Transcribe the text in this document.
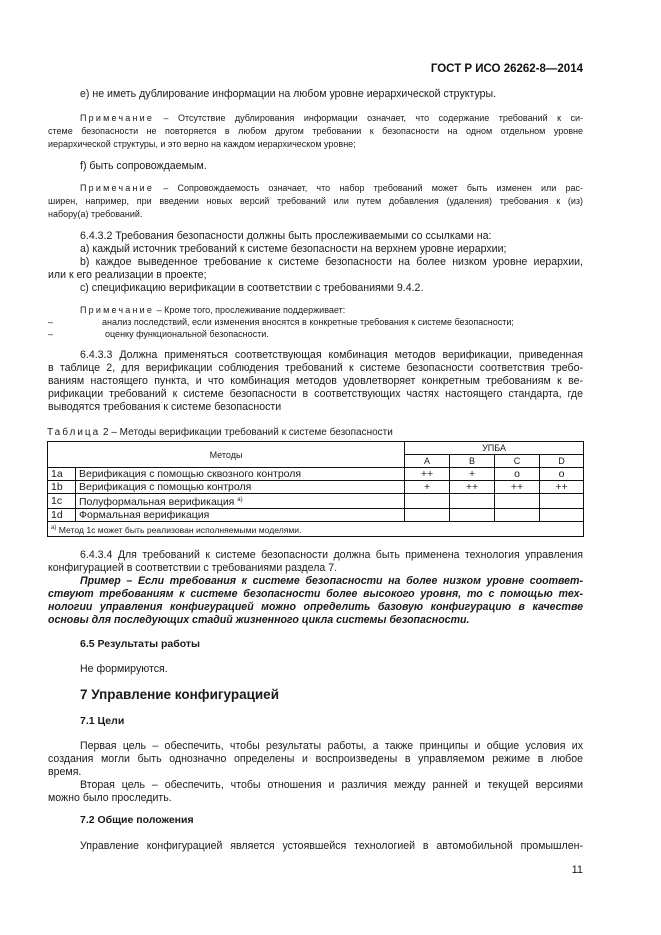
ГОСТ Р ИСО 26262-8—2014
е) не иметь дублирование информации на любом уровне иерархической структуры.
Примечание – Отсутствие дублирования информации означает, что содержание требований к си-
стеме безопасности не повторяется в любом другом требовании к безопасности на одном отдельном уровне
иерархической структуры, и это верно на каждом иерархическом уровне;
f) быть сопровождаемым.
Примечание – Сопровождаемость означает, что набор требований может быть изменен или рас-
ширен, например, при введении новых версий требований или путем добавления (удаления) требования к (из)
набору(а) требований.
6.4.3.2 Требования безопасности должны быть прослеживаемыми со ссылками на:
a) каждый источник требований к системе безопасности на верхнем уровне иерархии;
b) каждое выведенное требование к системе безопасности на более низком уровне иерархии,
или к его реализации в проекте;
c) спецификацию верификации в соответствии с требованиями 9.4.2.
Примечание – Кроме того, прослеживание поддерживает:
–	анализ последствий, если изменения вносятся в конкретные требования к системе безопасности;
–	оценку функциональной безопасности.
6.4.3.3 Должна применяться соответствующая комбинация методов верификации, приведенная
в таблице 2, для верификации соблюдения требований к системе безопасности соответствия требо-
ваниям настоящего пункта, и что комбинация методов удовлетворяет конкретным требованиям к ве-
рификации требований к системе безопасности в соответствующих частях настоящего стандарта, где
выводятся требования к системе безопасности
Таблица 2 – Методы верификации требований к системе безопасности
Методы		УПБА			
		A	B	C	D
1a	Верификация с помощью сквозного контроля	++	+	o	o
1b	Верификация с помощью контроля	+	++	++	++
1c	Полуформальная верификация $^{a)}$				
1d	Формальная верификация				
$^{a)}$ Метод 1с может быть реализован исполняемыми моделями.					
6.4.3.4 Для требований к системе безопасности должна быть применена технология управления
конфигурацией в соответствии с требованиями раздела 7.
Пример – Если требования к системе безопасности на более низком уровне соответ-
ствуют требованиям к системе безопасности более высокого уровня, то с помощью тех-
нологии управления конфигурацией можно определить базовую конфигурацию в качестве
основы для последующих стадий жизненного цикла системы безопасности.
6.5 Результаты работы
Не формируются.
7 Управление конфигурацией
7.1 Цели
Первая цель – обеспечить, чтобы результаты работы, а также принципы и общие условия их
создания могли быть однозначно определены и воспроизведены в управляемом режиме в любое
время.
Вторая цель – обеспечить, чтобы отношения и различия между ранней и текущей версиями
можно было проследить.
7.2 Общие положения
Управление конфигурацией является устоявшейся технологией в автомобильной промышлен-
11
